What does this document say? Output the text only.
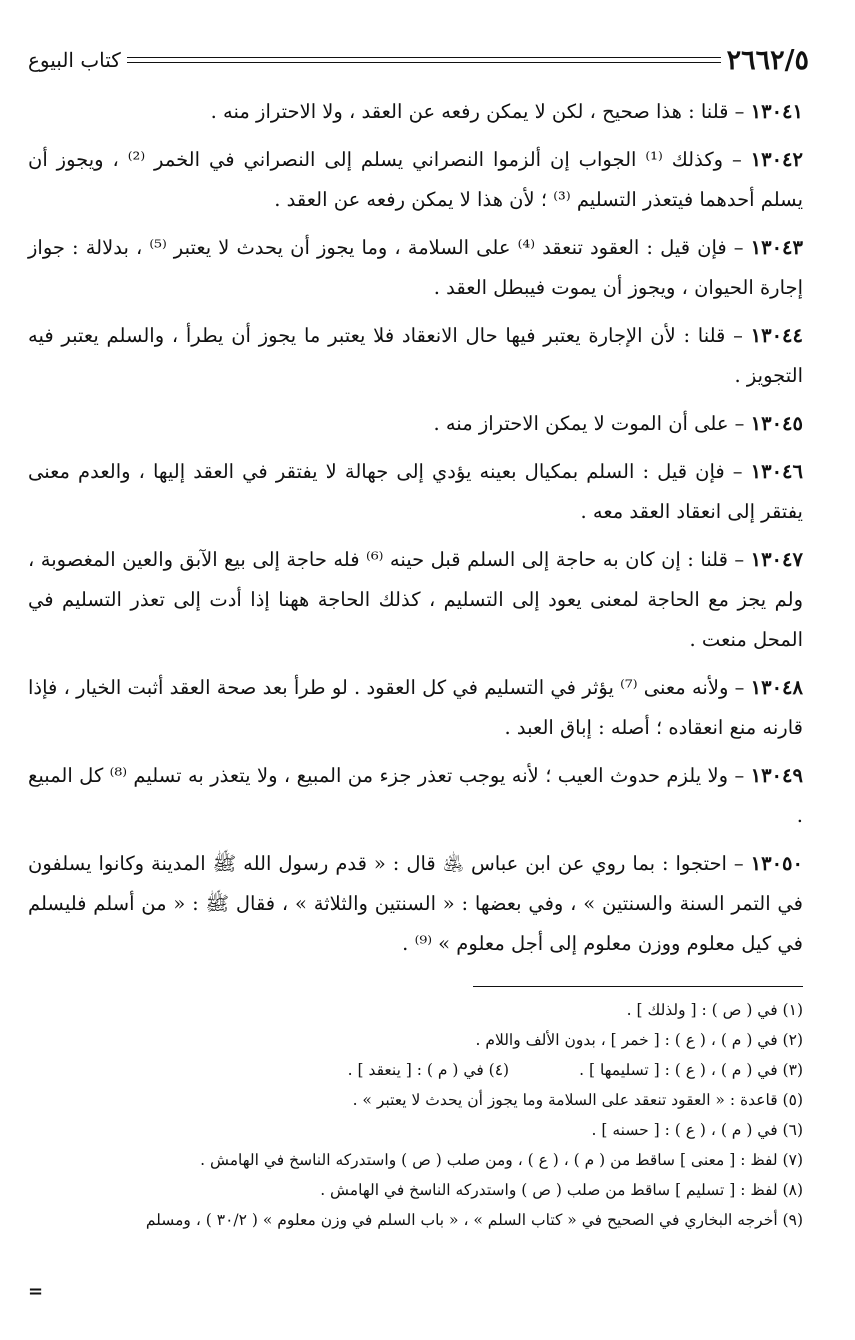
٢٦٦٢/٥
كتاب البيوع

١٣٠٤١ – قلنا : هذا صحيح ، لكن لا يمكن رفعه عن العقد ، ولا الاحتراز منه .

١٣٠٤٢ – وكذلك ⁽¹⁾ الجواب إن ألزموا النصراني يسلم إلى النصراني في الخمر ⁽²⁾ ، ويجوز أن يسلم أحدهما فيتعذر التسليم ⁽³⁾ ؛ لأن هذا لا يمكن رفعه عن العقد .

١٣٠٤٣ – فإن قيل : العقود تنعقد ⁽⁴⁾ على السلامة ، وما يجوز أن يحدث لا يعتبر ⁽⁵⁾ ، بدلالة : جواز إجارة الحيوان ، ويجوز أن يموت فيبطل العقد .

١٣٠٤٤ – قلنا : لأن الإجارة يعتبر فيها حال الانعقاد فلا يعتبر ما يجوز أن يطرأ ، والسلم يعتبر فيه التجويز .

١٣٠٤٥ – على أن الموت لا يمكن الاحتراز منه .

١٣٠٤٦ – فإن قيل : السلم بمكيال بعينه يؤدي إلى جهالة لا يفتقر في العقد إليها ، والعدم معنى يفتقر إلى انعقاد العقد معه .

١٣٠٤٧ – قلنا : إن كان به حاجة إلى السلم قبل حينه ⁽⁶⁾ فله حاجة إلى بيع الآبق والعين المغصوبة ، ولم يجز مع الحاجة لمعنى يعود إلى التسليم ، كذلك الحاجة ههنا إذا أدت إلى تعذر التسليم في المحل منعت .

١٣٠٤٨ – ولأنه معنى ⁽⁷⁾ يؤثر في التسليم في كل العقود . لو طرأ بعد صحة العقد أثبت الخيار ، فإذا قارنه منع انعقاده ؛ أصله : إباق العبد .

١٣٠٤٩ – ولا يلزم حدوث العيب ؛ لأنه يوجب تعذر جزء من المبيع ، ولا يتعذر به تسليم ⁽⁸⁾ كل المبيع .

١٣٠٥٠ – احتجوا : بما روي عن ابن عباس ﵁ قال : « قدم رسول الله ﷺ المدينة وكانوا يسلفون في التمر السنة والسنتين » ، وفي بعضها : « السنتين والثلاثة » ، فقال ﷺ : « من أسلم فليسلم في كيل معلوم ووزن معلوم إلى أجل معلوم » ⁽⁹⁾ .

(١) في ( ص ) : [ ولذلك ] .
(٢) في ( م ) ، ( ع ) : [ خمر ] ، بدون الألف واللام .
(٣) في ( م ) ، ( ع ) : [ تسليمها ] .(٤) في ( م ) : [ ينعقد ] .
(٥) قاعدة : « العقود تنعقد على السلامة وما يجوز أن يحدث لا يعتبر » .
(٦) في ( م ) ، ( ع ) : [ حسنه ] .
(٧) لفظ : [ معنى ] ساقط من ( م ) ، ( ع ) ، ومن صلب ( ص ) واستدركه الناسخ في الهامش .
(٨) لفظ : [ تسليم ] ساقط من صلب ( ص ) واستدركه الناسخ في الهامش .
(٩) أخرجه البخاري في الصحيح في « كتاب السلم » ، « باب السلم في وزن معلوم » ( ٣٠/٢ ) ، ومسلم
=
